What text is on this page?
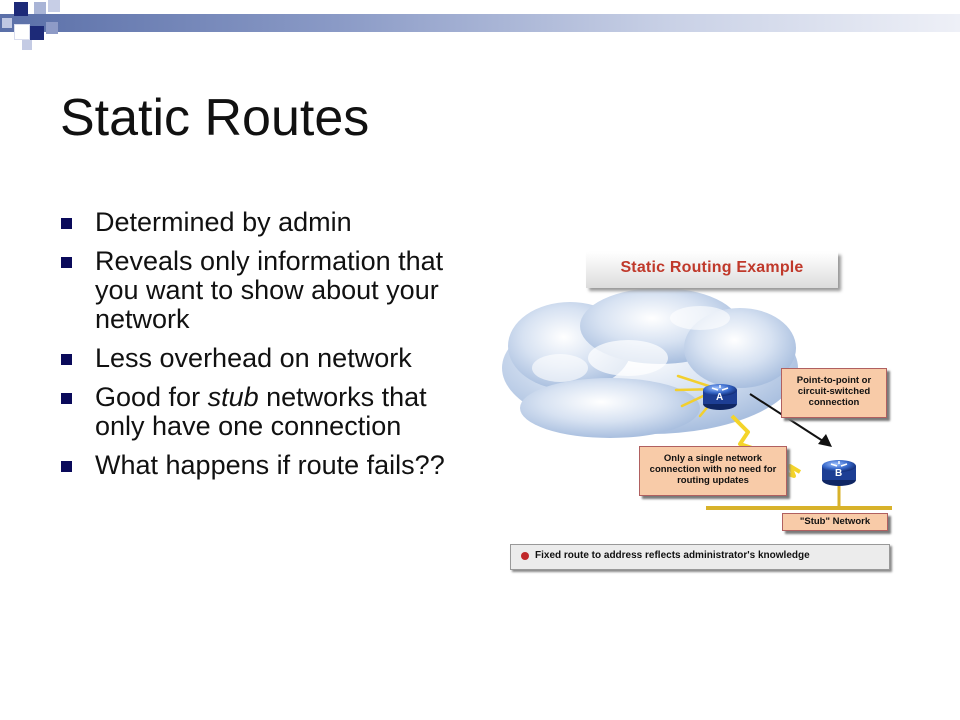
Static Routes
Determined by admin
Reveals only information that you want to show about your network
Less overhead on network
Good for stub networks that only have one connection
What happens if route fails??
A
B
Static Routing Example
Point-to-point or circuit-switched connection
Only a single network connection with no need for routing updates
"Stub" Network
Fixed route to address reflects administrator's knowledge
